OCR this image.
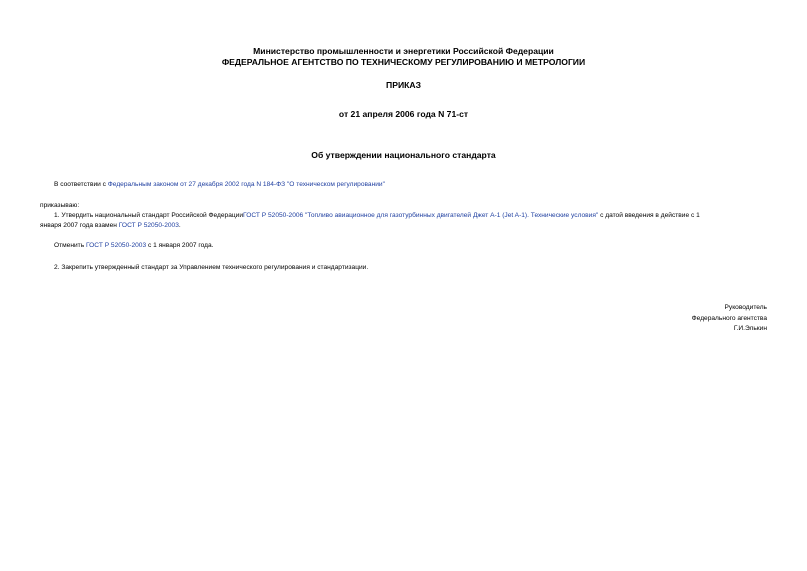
Министерство промышленности и энергетики Российской Федерации
ФЕДЕРАЛЬНОЕ АГЕНТСТВО ПО ТЕХНИЧЕСКОМУ РЕГУЛИРОВАНИЮ И МЕТРОЛОГИИ
ПРИКАЗ
от 21 апреля 2006 года N 71-ст
Об утверждении национального стандарта
В соответствии с Федеральным законом от 27 декабря 2002 года N 184-ФЗ "О техническом регулировании"
приказываю:
1. Утвердить национальный стандарт Российской ФедерацииГОСТ Р 52050-2006 "Топливо авиационное для газотурбинных двигателей Джет А-1 (Jet A-1). Технические условия" с датой введения в действие с 1
января 2007 года взамен ГОСТ Р 52050-2003.
Отменить ГОСТ Р 52050-2003 с 1 января 2007 года.
2. Закрепить утвержденный стандарт за Управлением технического регулирования и стандартизации.
Руководитель
Федерального агентства
Г.И.Элькин
